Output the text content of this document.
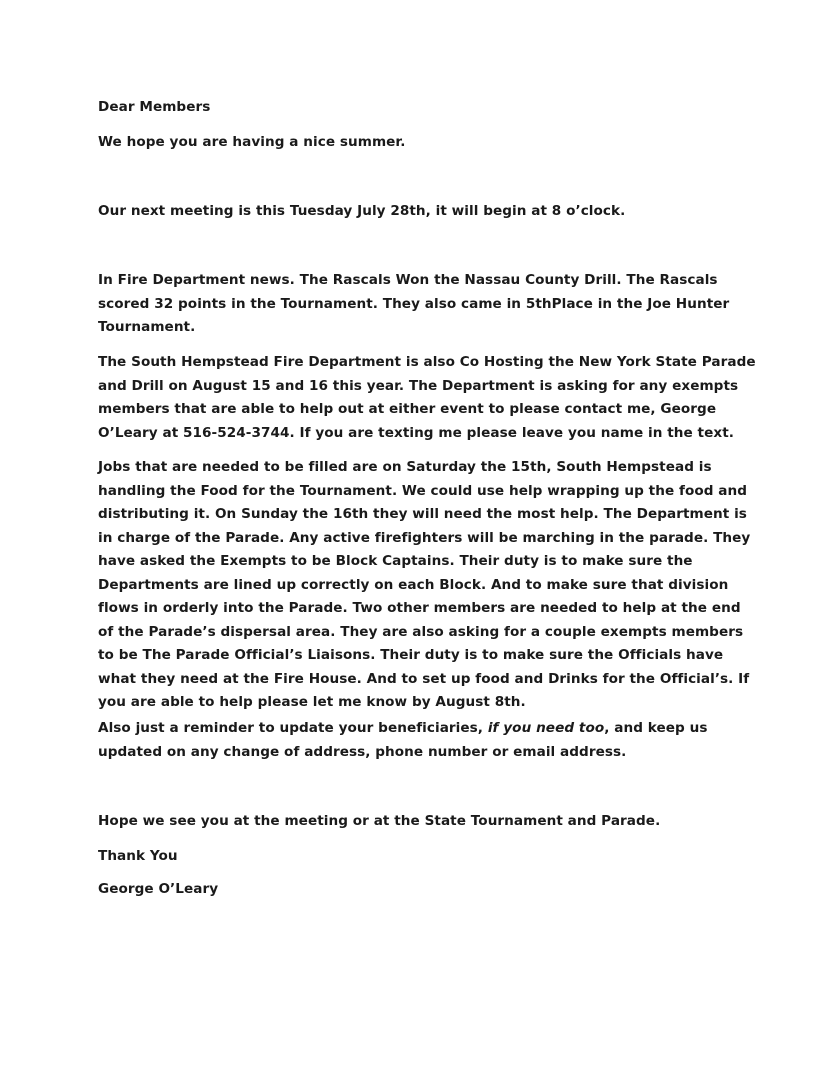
Dear Members

We hope you are having a nice summer.

Our next meeting is this Tuesday July 28th, it will begin at 8 o’clock.

In Fire Department news. The Rascals Won the Nassau County Drill. The Rascals scored 32 points in the Tournament. They also came in 5thPlace in the Joe Hunter Tournament.

The South Hempstead Fire Department is also Co Hosting the New York State Parade and Drill on August 15 and 16 this year. The Department is asking for any exempts members that are able to help out at either event to please contact me, George O’Leary at 516-524-3744. If you are texting me please leave you name in the text.

Jobs that are needed to be filled are on Saturday the 15th, South Hempstead is handling the Food for the Tournament. We could use help wrapping up the food and distributing it. On Sunday the 16th they will need the most help. The Department is in charge of the Parade. Any active firefighters will be marching in the parade. They have asked the Exempts to be Block Captains. Their duty is to make sure the Departments are lined up correctly on each Block. And to make sure that division flows in orderly into the Parade. Two other members are needed to help at the end of the Parade’s dispersal area. They are also asking for a couple exempts members to be The Parade Official’s Liaisons. Their duty is to make sure the Officials have what they need at the Fire House. And to set up food and Drinks for the Official’s. If you are able to help please let me know by August 8th.

Also just a reminder to update your beneficiaries, if you need too, and keep us updated on any change of address, phone number or email address.

Hope we see you at the meeting or at the State Tournament and Parade.

Thank You

George O’Leary
